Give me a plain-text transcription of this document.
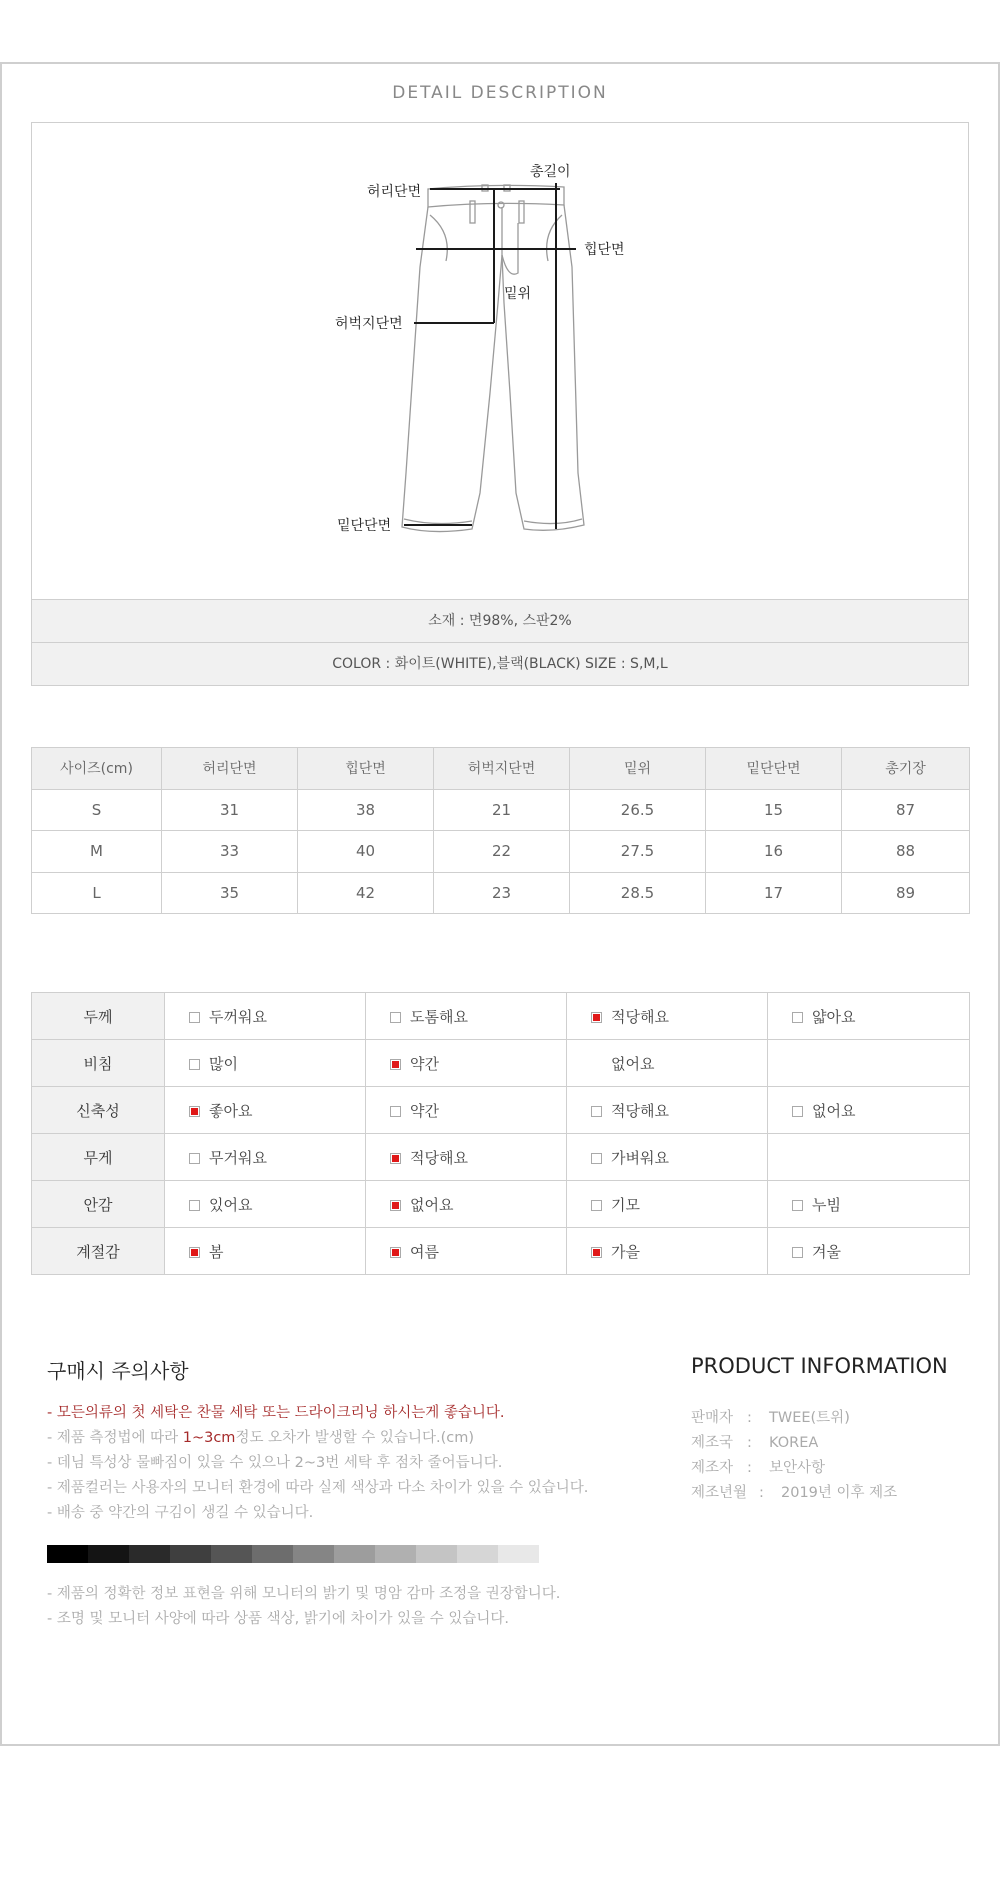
DETAIL DESCRIPTION
총길이
허리단면
힙단면
밑위
허벅지단면
밑단단면
소재 : 면98%, 스판2%
COLOR : 화이트(WHITE),블랙(BLACK) SIZE : S,M,L
사이즈(cm)	허리단면	힙단면	허벅지단면	밑위	밑단단면	총기장
S	31	38	21	26.5	15	87
M	33	40	22	27.5	16	88
L	35	42	23	28.5	17	89
두께	두꺼워요	도톰해요	적당해요	얇아요
비침	많이	약간	없어요	
신축성	좋아요	약간	적당해요	없어요
무게	무거워요	적당해요	가벼워요	
안감	있어요	없어요	기모	누빔
계절감	봄	여름	가을	겨울
구매시 주의사항
- 모든의류의 첫 세탁은 찬물 세탁 또는 드라이크리닝 하시는게 좋습니다.
- 제품 측정법에 따라 1~3cm정도 오차가 발생할 수 있습니다.(cm)
- 데님 특성상 물빠짐이 있을 수 있으나 2~3번 세탁 후 점차 줄어듭니다.
- 제품컬러는 사용자의 모니터 환경에 따라 실제 색상과 다소 차이가 있을 수 있습니다.
- 배송 중 약간의 구김이 생길 수 있습니다.
- 제품의 정확한 정보 표현을 위해 모니터의 밝기 및 명암 감마 조정을 권장합니다.
- 조명 및 모니터 사양에 따라 상품 색상, 밝기에 차이가 있을 수 있습니다.
PRODUCT INFORMATION
판매자 : TWEE(트위)
제조국 : KOREA
제조자 : 보안사항
제조년월 : 2019년 이후 제조
